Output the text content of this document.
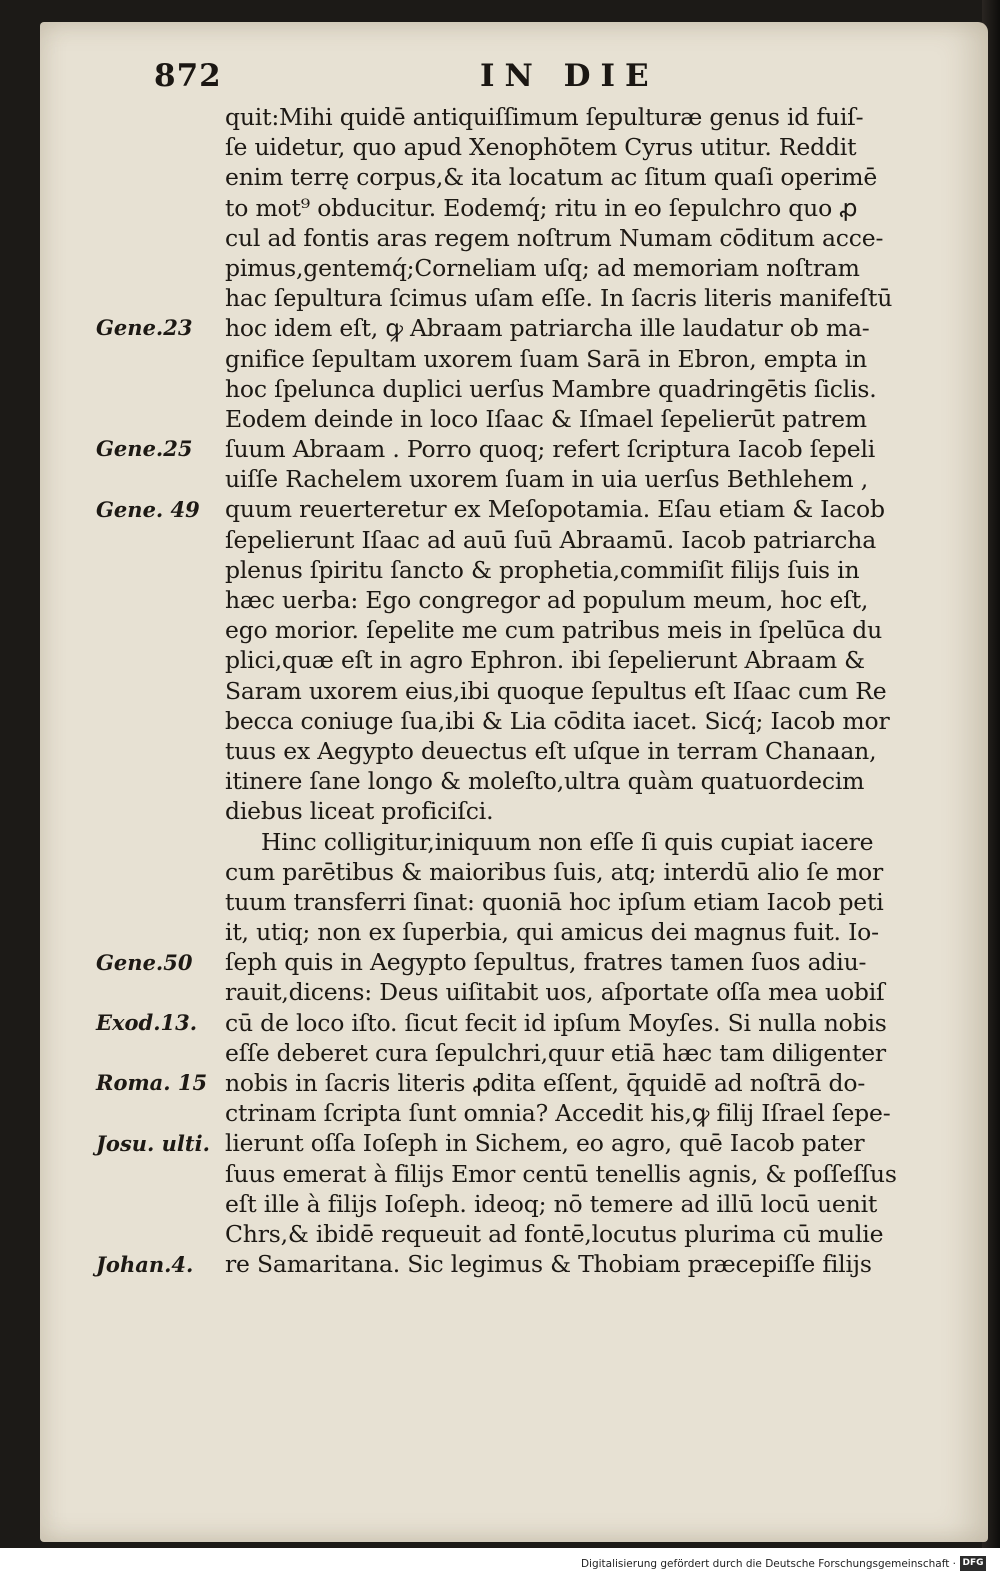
872	IN DIE
quit:Mihi quidē antiquiſſimum ſepulturæ genus id fuiſ-
ſe uidetur, quo apud Xenophōtem Cyrus utitur. Reddit
enim terrę corpus,& ita locatum ac ſitum quaſi operimē
to mot⁹ obducitur. Eodemq́; ritu in eo ſepulchro quo ꝓ
cul ad fontis aras regem noſtrum Numam cōditum acce-
pimus,gentemq́;Corneliam uſq; ad memoriam noſtram
hac ſepultura ſcimus uſam eſſe. In ſacris literis manifeſtū
hoc idem eſt, ꝙ Abraam patriarcha ille laudatur ob ma-
gnifice ſepultam uxorem ſuam Sarā in Ebron, empta in
hoc ſpelunca duplici uerſus Mambre quadringētis ſiclis.
Eodem deinde in loco Iſaac & Iſmael ſepelierūt patrem
ſuum Abraam . Porro quoq; refert ſcriptura Iacob ſepeli
uiſſe Rachelem uxorem ſuam in uia uerſus Bethlehem ,
quum reuerteretur ex Meſopotamia. Eſau etiam & Iacob
ſepelierunt Iſaac ad auū ſuū Abraamū. Iacob patriarcha
plenus ſpiritu ſancto & prophetia,commiſit filijs ſuis in
hæc uerba: Ego congregor ad populum meum, hoc eſt,
ego morior. ſepelite me cum patribus meis in ſpelūca du
plici,quæ eſt in agro Ephron. ibi ſepelierunt Abraam &
Saram uxorem eius,ibi quoque ſepultus eſt Iſaac cum Re
becca coniuge ſua,ibi & Lia cōdita iacet. Sicq́; Iacob mor
tuus ex Aegypto deuectus eſt uſque in terram Chanaan,
itinere ſane longo & moleſto,ultra quàm quatuordecim
diebus liceat proficiſci.
Hinc colligitur,iniquum non eſſe ſi quis cupiat iacere
cum parētibus & maioribus ſuis, atq; interdū alio ſe mor
tuum transferri ſinat: quoniā hoc ipſum etiam Iacob peti
it, utiq; non ex ſuperbia, qui amicus dei magnus fuit. Io-
ſeph quis in Aegypto ſepultus, fratres tamen ſuos adiu-
rauit,dicens: Deus uiſitabit uos, aſportate oſſa mea uobiſ
cū de loco iſto. ſicut fecit id ipſum Moyſes. Si nulla nobis
eſſe deberet cura ſepulchri,quur etiā hæc tam diligenter
nobis in ſacris literis ꝓdita eſſent, q̄quidē ad noſtrā do-
ctrinam ſcripta ſunt omnia? Accedit his,ꝙ filij Iſrael ſepe-
lierunt oſſa Ioſeph in Sichem, eo agro, quē Iacob pater
ſuus emerat à filijs Emor centū tenellis agnis, & poſſeſſus
eſt ille à filijs Ioſeph. ideoq; nō temere ad illū locū uenit
Chrs,& ibidē requeuit ad fontē,locutus plurima cū mulie
re Samaritana. Sic legimus & Thobiam præcepiſſe filijs
Gene.23
Gene.25
Gene. 49
Gene.50
Exod.13.
Roma. 15
Josu. ulti.
Johan.4.
Digitalisierung gefördert durch die Deutsche Forschungsgemeinschaft · DFG
